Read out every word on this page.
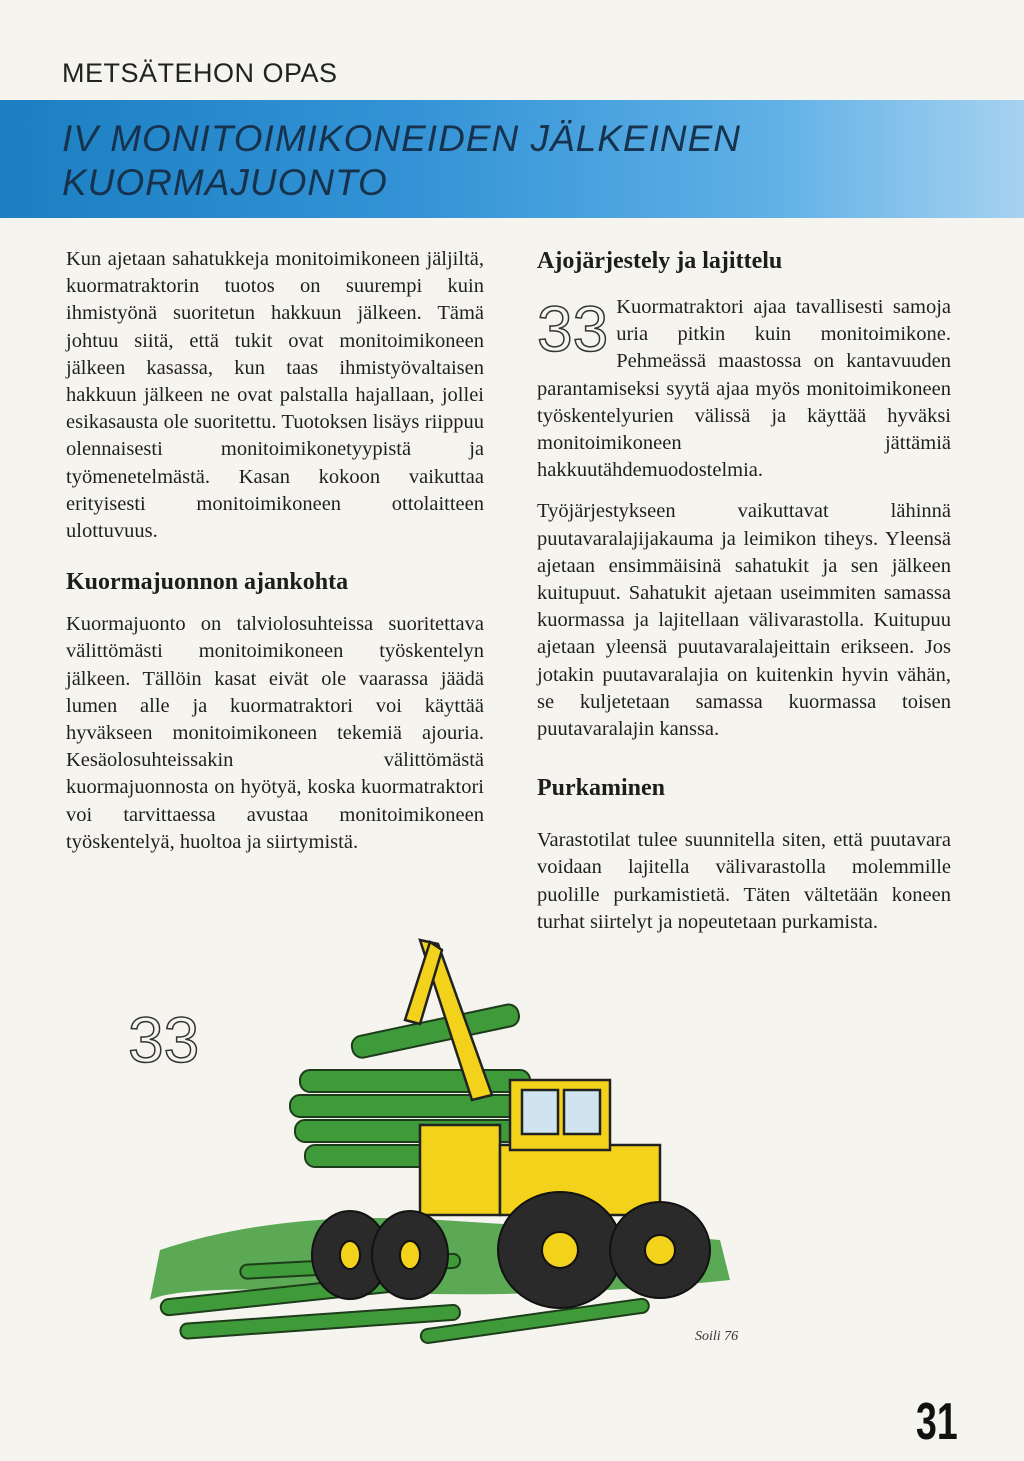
METSÄTEHON OPAS
IV MONITOIMIKONEIDEN JÄLKEINEN
KUORMAJUONTO

Kun ajetaan sahatukkeja monitoimikoneen jäljiltä, kuormatraktorin tuotos on suurempi kuin ihmistyönä suoritetun hakkuun jälkeen. Tämä johtuu siitä, että tukit ovat monitoimikoneen jälkeen kasassa, kun taas ihmistyövaltaisen hakkuun jälkeen ne ovat palstalla hajallaan, jollei esikasausta ole suoritettu. Tuotoksen lisäys riippuu olennaisesti monitoimikonetyypistä ja työmenetelmästä. Kasan kokoon vaikuttaa erityisesti monitoimikoneen ottolaitteen ulottuvuus.

Kuormajuonnon ajankohta

Kuormajuonto on talviolosuhteissa suoritettava välittömästi monitoimikoneen työskentelyn jälkeen. Tällöin kasat eivät ole vaarassa jäädä lumen alle ja kuormatraktori voi käyttää hyväkseen monitoimikoneen tekemiä ajouria. Kesäolosuhteissakin välittömästä kuormajuonnosta on hyötyä, koska kuormatraktori voi tarvittaessa avustaa monitoimikoneen työskentelyä, huoltoa ja siirtymistä.

Ajojärjestely ja lajittelu

33 Kuormatraktori ajaa tavallisesti samoja uria pitkin kuin monitoimikone. Pehmeässä maastossa on kantavuuden parantamiseksi syytä ajaa myös monitoimikoneen työskentelyurien välissä ja käyttää hyväksi monitoimikoneen jättämiä hakkuutähdemuodostelmia.

Työjärjestykseen vaikuttavat lähinnä puutavaralajijakauma ja leimikon tiheys. Yleensä ajetaan ensimmäisinä sahatukit ja sen jälkeen kuitupuut. Sahatukit ajetaan useimmiten samassa kuormassa ja lajitellaan välivarastolla. Kuitupuu ajetaan yleensä puutavaralajeittain erikseen. Jos jotakin puutavaralajia on kuitenkin hyvin vähän, se kuljetetaan samassa kuormassa toisen puutavaralajin kanssa.

Purkaminen

Varastotilat tulee suunnitella siten, että puutavara voidaan lajitella välivarastolla molemmille puolille purkamistietä. Täten vältetään koneen turhat siirtelyt ja nopeutetaan purkamista.

Soili 76
33
31
